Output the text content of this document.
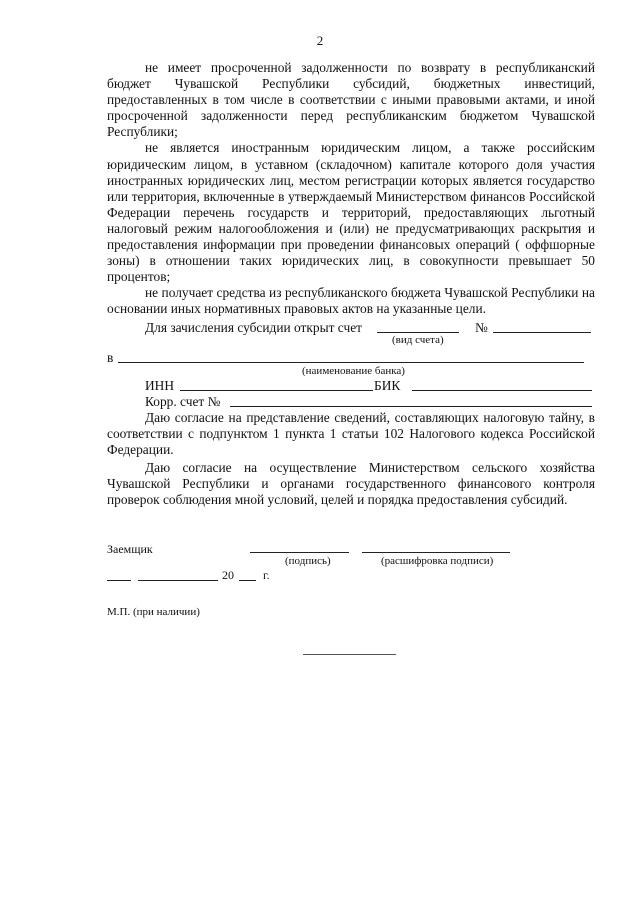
2

не имеет просроченной задолженности по возврату в республиканский бюджет Чувашской Республики субсидий, бюджетных инвестиций, предоставленных в том числе в соответствии с иными правовыми актами, и иной просроченной задолженности перед республиканским бюджетом Чувашской Республики;

не является иностранным юридическим лицом, а также российским юридическим лицом, в уставном (складочном) капитале которого доля участия иностранных юридических лиц, местом регистрации которых является государство или территория, включенные в утверждаемый Министерством финансов Российской Федерации перечень государств и территорий, предоставляющих льготный налоговый режим налогообложения и (или) не предусматривающих раскрытия и предоставления информации при проведении финансовых операций ( оффшорные зоны) в отношении таких юридических лиц, в совокупности превышает 50 процентов;

не получает средства из республиканского бюджета Чувашской Республики на основании иных нормативных правовых актов на указанные цели.

Для зачисления субсидии открыт счет	№
(вид счета)
в
(наименование банка)
ИНН	БИК
Корр. счет №

Даю согласие на представление сведений, составляющих налоговую тайну, в соответствии с подпунктом 1 пункта 1 статьи 102 Налогового кодекса Российской Федерации.

Даю согласие на осуществление Министерством сельского хозяйства Чувашской Республики и органами государственного финансового контроля проверок соблюдения мной условий, целей и порядка предоставления субсидий.

Заемщик
(подпись)	(расшифровка подписи)
20 г.
М.П. (при наличии)
